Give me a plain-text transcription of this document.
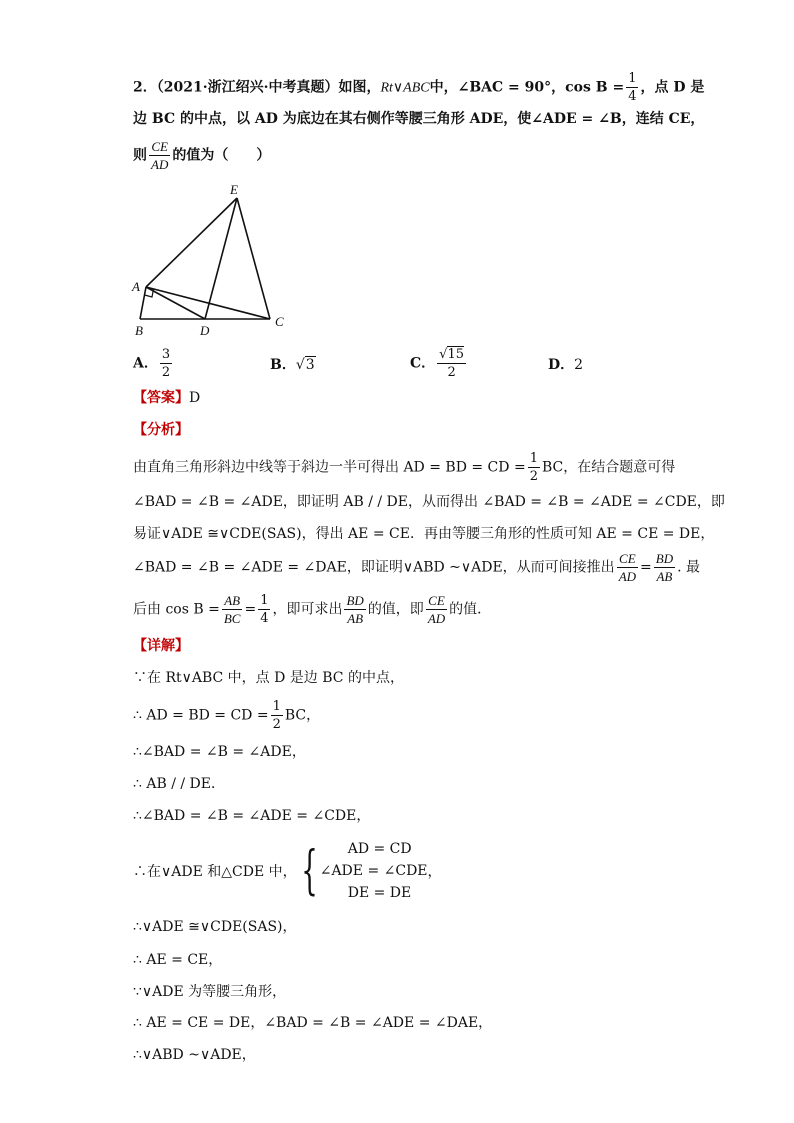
2．（2021·浙江绍兴·中考真题）如图，Rt∨ABC中，∠BAC = 90°，$\cos B = \frac{1}{4}$ ，点 D 是
边 BC 的中点，以 AD 为底边在其右侧作等腰三角形 ADE，使∠ADE = ∠B，连结 CE，
则 $\frac{CE}{AD}$ 的值为（　　）
E
A
B	D
C
A． $\frac{3}{2}$	B．√3	C． $\frac{√15}{2}$	D．2
【答案】D
【分析】
由直角三角形斜边中线等于斜边一半可得出 AD = BD = CD = $\frac{1}{2}$ BC，在结合题意可得
∠BAD = ∠B = ∠ADE，即证明 AB / / DE，从而得出 ∠BAD = ∠B = ∠ADE = ∠CDE，即
易证∨ADE ≅∨CDE(SAS)，得出 AE = CE．再由等腰三角形的性质可知 AE = CE = DE，
∠BAD = ∠B = ∠ADE = ∠DAE，即证明∨ABD ~∨ADE，从而可间接推出 $\frac{CE}{AD} = \frac{BD}{AB}$ . 最
后由 $\cos B = \frac{AB}{BC} = \frac{1}{4}$ ，即可求出 $\frac{BD}{AB}$ 的值，即 $\frac{CE}{AD}$ 的值．
【详解】
∵在 Rt∨ABC 中，点 D 是边 BC 的中点，
∴ AD = BD = CD = $\frac{1}{2}$ BC，
∴∠BAD = ∠B = ∠ADE，
∴ AB / / DE．
∴∠BAD = ∠B = ∠ADE = ∠CDE，
∴在∨ADE 和△CDE 中， {	AD = CD
∠ADE = ∠CDE
DE = DE
，
∴∨ADE ≅∨CDE(SAS)，
∴ AE = CE，
∵∨ADE 为等腰三角形，
∴ AE = CE = DE，∠BAD = ∠B = ∠ADE = ∠DAE，
∴∨ABD ~∨ADE，
